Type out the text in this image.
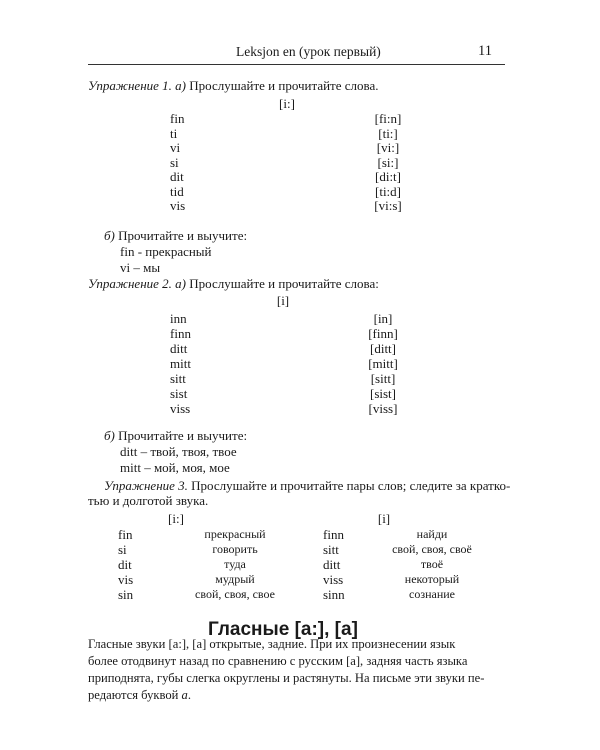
Leksjon en (урок первый)	11
Упражнение 1. а) Прослушайте и прочитайте слова.
[i:]
fin	[fi:n]
ti	[ti:]
vi	[vi:]
si	[si:]
dit	[di:t]
tid	[ti:d]
vis	[vi:s]
б) Прочитайте и выучите:
fin - прекрасный
vi – мы
Упражнение 2. а) Прослушайте и прочитайте слова:
[i]
inn	[in]
finn	[finn]
ditt	[ditt]
mitt	[mitt]
sitt	[sitt]
sist	[sist]
viss	[viss]
б) Прочитайте и выучите:
ditt – твой, твоя, твое
mitt – мой, моя, мое
Упражнение 3. Прослушайте и прочитайте пары слов; следите за кратко-
тью и долготой звука.
[i:]	[i]
fin	прекрасный	finn	найди
si	говорить	sitt	свой, своя, своё
dit	туда	ditt	твоё
vis	мудрый	viss	некоторый
sin	свой, своя, свое	sinn	сознание
Гласные [a:], [a]
Гласные звуки [a:], [a] открытые, задние. При их произнесении язык
более отодвинут назад по сравнению с русским [а], задняя часть языка
приподнята, губы слегка округлены и растянуты. На письме эти звуки пе-
редаются буквой a.
